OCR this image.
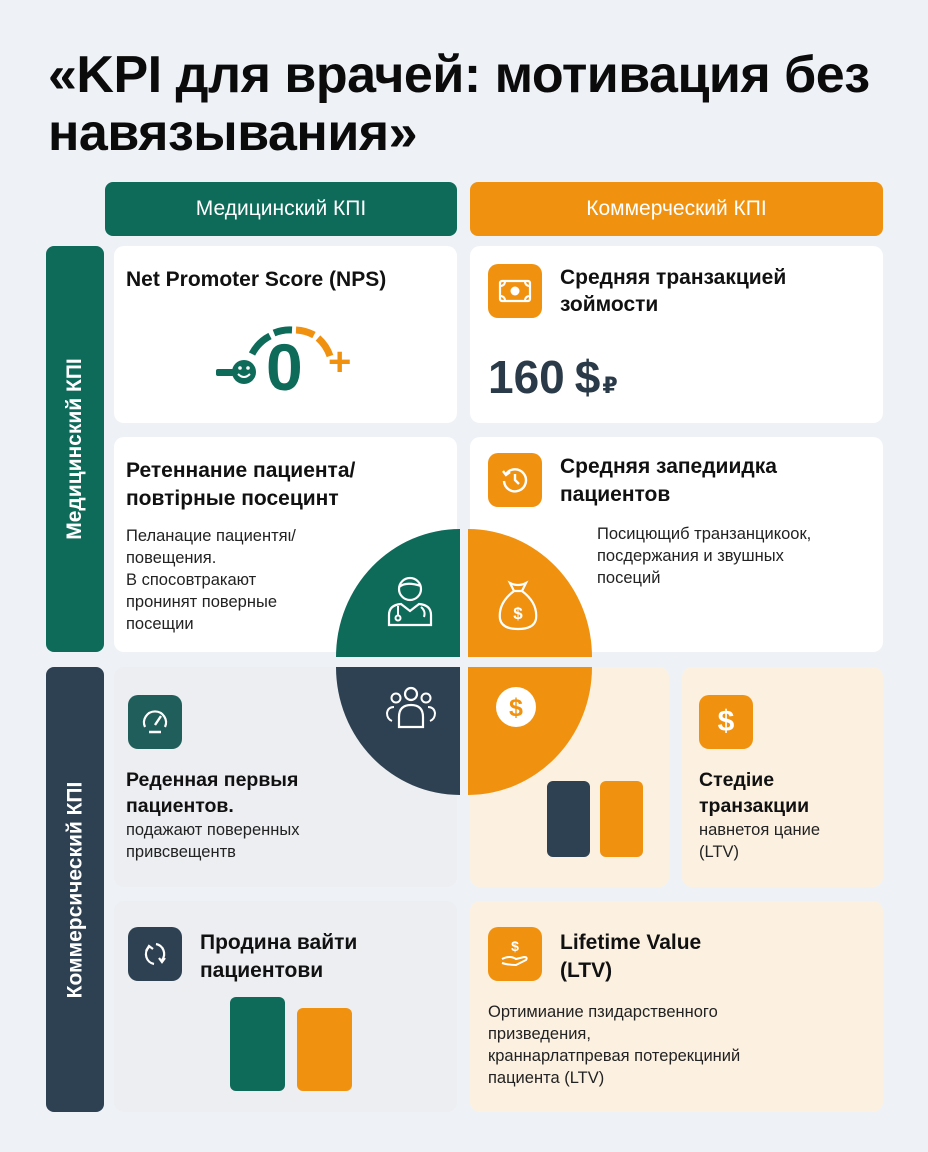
«KPI для врачей: мотивация без навязывания»
Медицинский КПI	Коммерческий КПI
Медицинский КПI
Коммерсический КПI
Net Promoter Score (NPS)
0 +
Средняя транзакцией зоймости
160 $ ₽
Ретеннание пациента/ повтірные посецинт
Пеланацие пациентяι/
повещения.
В спосовтракают
пронинят поверные
посещии
Средняя запедиидка пациентов
Посицющиб транзанцикоок,
посдержания и звушных
посеций
Реденная первыя
пациентов.
подажают поверенных
привсвещентв
$
Стедіие
транзакции
навнетоя цание
(LTV)
Продина вайти пациентови
$ Lifetime Value
(LTV)
Ортимиание пзидарственного
призведения,
краннарлатпревая потерекциний
пациента (LTV)
$
$
